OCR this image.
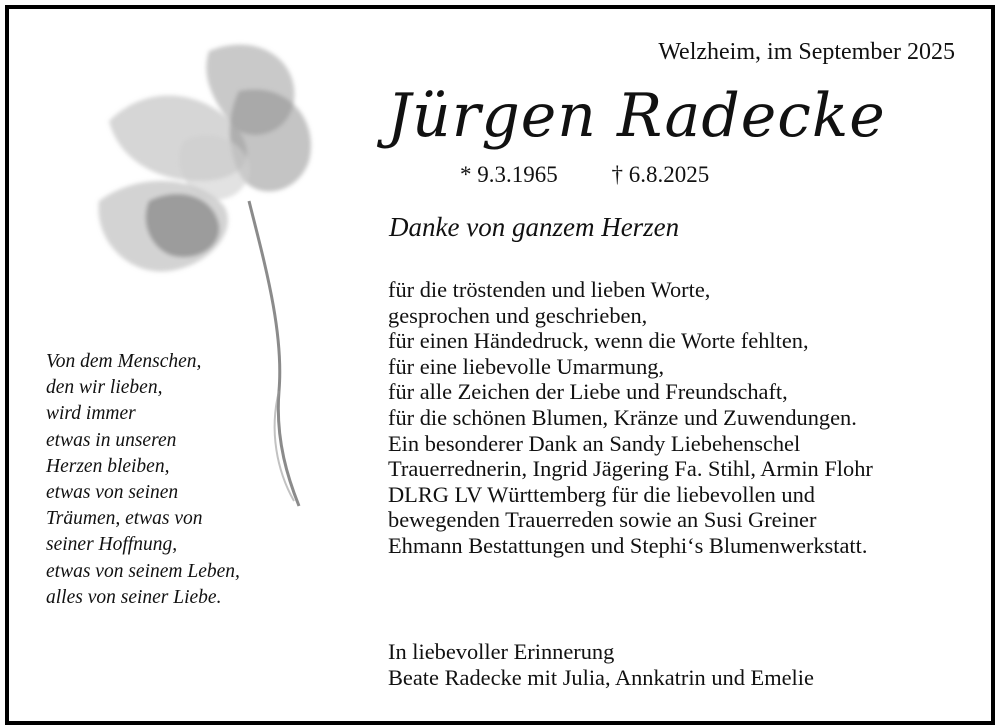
Welzheim, im September 2025
Jürgen Radecke
* 9.3.1965 † 6.8.2025
Danke von ganzem Herzen
für die tröstenden und lieben Worte,
gesprochen und geschrieben,
für einen Händedruck, wenn die Worte fehlten,
für eine liebevolle Umarmung,
für alle Zeichen der Liebe und Freundschaft,
für die schönen Blumen, Kränze und Zuwendungen.
Ein besonderer Dank an Sandy Liebehenschel
Trauerrednerin, Ingrid Jägering Fa. Stihl, Armin Flohr
DLRG LV Württemberg für die liebevollen und
bewegenden Trauerreden sowie an Susi Greiner
Ehmann Bestattungen und Stephi‘s Blumenwerkstatt.
In liebevoller Erinnerung
Beate Radecke mit Julia, Annkatrin und Emelie
Von dem Menschen,
den wir lieben,
wird immer
etwas in unseren
Herzen bleiben,
etwas von seinen
Träumen, etwas von
seiner Hoffnung,
etwas von seinem Leben,
alles von seiner Liebe.
